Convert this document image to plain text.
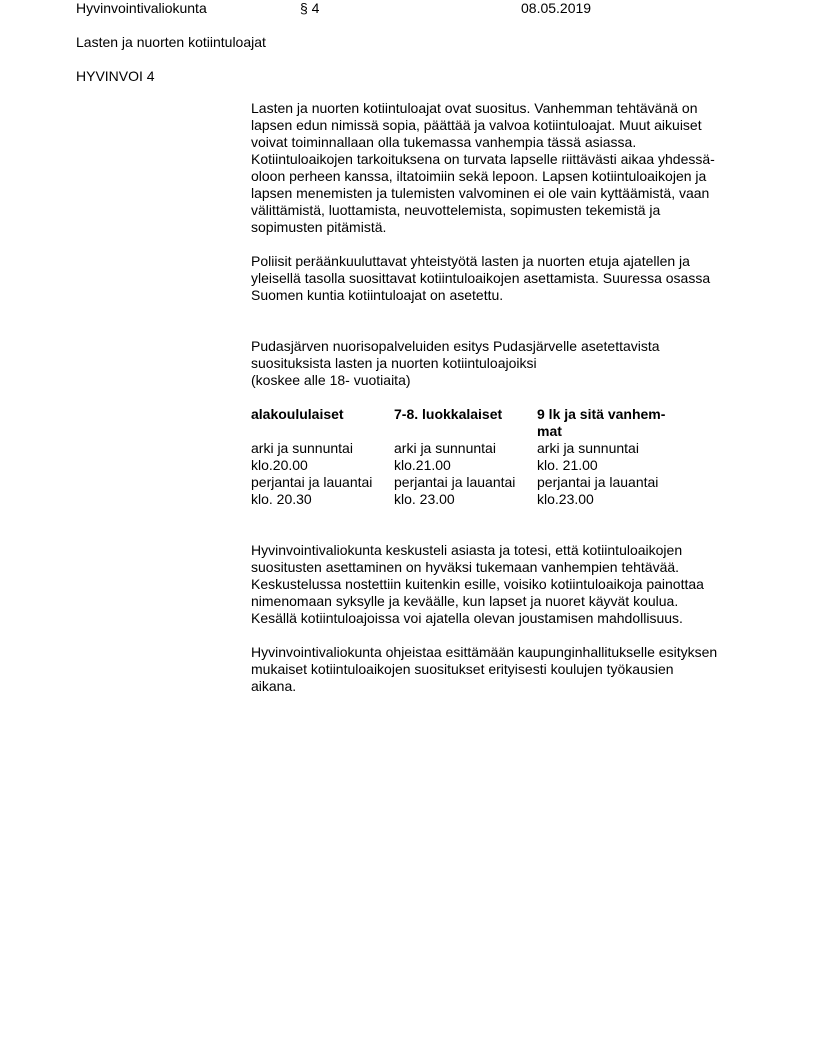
Hyvinvointivaliokunta	§ 4	08.05.2019
Lasten ja nuorten kotiintuloajat
HYVINVOI 4
Lasten ja nuorten kotiintuloajat ovat suositus. Vanhemman tehtävänä on
lapsen edun nimissä sopia, päättää ja valvoa kotiintuloajat. Muut aikuiset
voivat toiminnallaan olla tukemassa vanhempia tässä asiassa.
Kotiintuloaikojen tarkoituksena on turvata lapselle riittävästi aikaa yhdessä-
oloon perheen kanssa, iltatoimiin sekä lepoon. Lapsen kotiintuloaikojen ja
lapsen menemisten ja tulemisten valvominen ei ole vain kyttäämistä, vaan
välittämistä, luottamista, neuvottelemista, sopimusten tekemistä ja
sopimusten pitämistä.
Poliisit peräänkuuluttavat yhteistyötä lasten ja nuorten etuja ajatellen ja
yleisellä tasolla suosittavat kotiintuloaikojen asettamista. Suuressa osassa
Suomen kuntia kotiintuloajat on asetettu.
Pudasjärven nuorisopalveluiden esitys Pudasjärvelle asetettavista
suosituksista lasten ja nuorten kotiintuloajoiksi
(koskee alle 18- vuotiaita)
alakoululaiset
arki ja sunnuntai
klo.20.00
perjantai ja lauantai
klo. 20.30
7-8. luokkalaiset
arki ja sunnuntai
klo.21.00
perjantai ja lauantai
klo. 23.00
9 lk ja sitä vanhem-
mat
arki ja sunnuntai
klo. 21.00
perjantai ja lauantai
klo.23.00
Hyvinvointivaliokunta keskusteli asiasta ja totesi, että kotiintuloaikojen
suositusten asettaminen on hyväksi tukemaan vanhempien tehtävää.
Keskustelussa nostettiin kuitenkin esille, voisiko kotiintuloaikoja painottaa
nimenomaan syksylle ja keväälle, kun lapset ja nuoret käyvät koulua.
Kesällä kotiintuloajoissa voi ajatella olevan joustamisen mahdollisuus.
Hyvinvointivaliokunta ohjeistaa esittämään kaupunginhallitukselle esityksen
mukaiset kotiintuloaikojen suositukset erityisesti koulujen työkausien
aikana.
